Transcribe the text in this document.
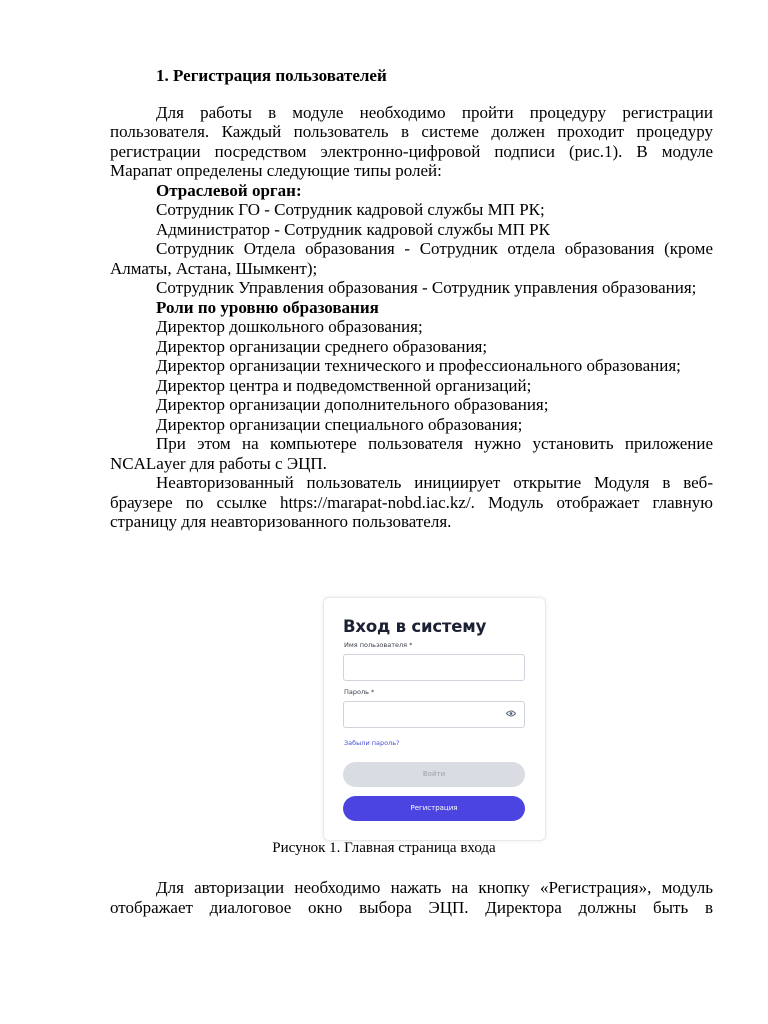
1. Регистрация пользователей

Для работы в модуле необходимо пройти процедуру регистрации пользователя. Каждый пользователь в системе должен проходит процедуру регистрации посредством электронно-цифровой подписи (рис.1). В модуле Марапат определены следующие типы ролей:

Отраслевой орган:

Сотрудник ГО - Сотрудник кадровой службы МП РК;

Администратор - Сотрудник кадровой службы МП РК

Сотрудник Отдела образования - Сотрудник отдела образования (кроме Алматы, Астана, Шымкент);

Сотрудник Управления образования - Сотрудник управления образования;

Роли по уровню образования

Директор дошкольного образования;

Директор организации среднего образования;

Директор организации технического и профессионального образования;

Директор центра и подведомственной организаций;

Директор организации дополнительного образования;

Директор организации специального образования;

При этом на компьютере пользователя нужно установить приложение NCALayer для работы с ЭЦП.

Неавторизованный пользователь инициирует открытие Модуля в веб-браузере по ссылке https://marapat-nobd.iac.kz/. Модуль отображает главную страницу для неавторизованного пользователя.

Вход в систему
Имя пользователя *
Пароль *
Забыли пароль?
Войти
Регистрация
Рисунок 1. Главная страница входа

Для авторизации необходимо нажать на кнопку «Регистрация», модуль отображает диалоговое окно выбора ЭЦП. Директора должны быть в
